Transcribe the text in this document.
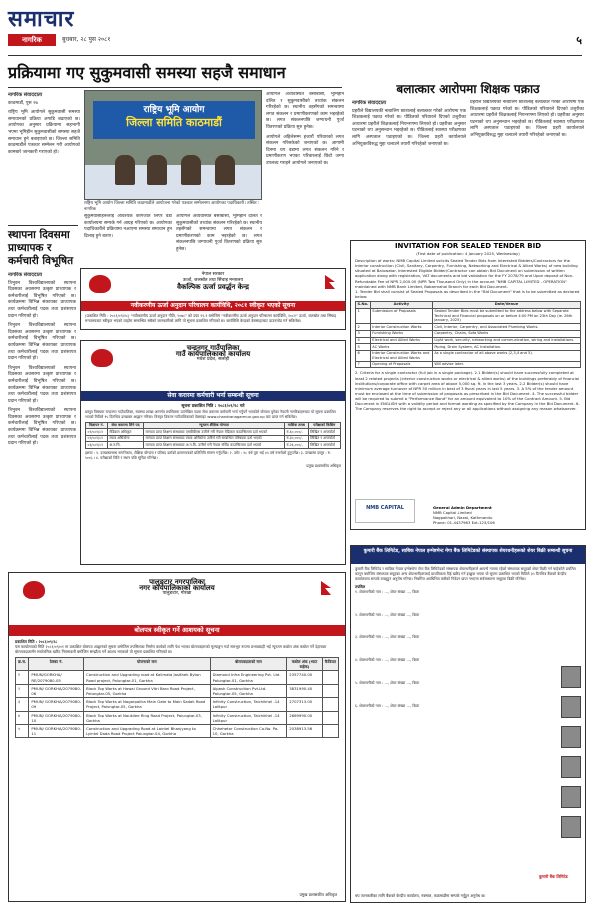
समाचार
नागरिक	बुधबार, २८ पुस २०८१	५
प्रक्रियामा गए सुकुमवासी समस्या सहजै समाधान
नागरिक संवाददाता

काठमाडौं, पुस २७

राष्ट्रिय भूमि आयोगले सुकुमवासी समस्या समाधानको प्रक्रिया अगाडि बढाएको छ। आयोगका अनुसार प्रक्रियामा सहभागी भएमा भूमिहीन सुकुमवासीको समस्या सहजै समाधान हुने बताइएको छ। जिल्ला समिति काठमाडौंले पत्रकार सम्मेलन गरी आयोगको कामबारे जानकारी गराएको हो।

राष्ट्रिय भूमि आयोग
जिल्ला समिति काठमाडौं
राष्ट्रिय भूमि आयोग जिल्ला समिति काठमाडौंले आयोजना गरेको पत्रकार सम्मेलनमा आयोगका पदाधिकारी। तस्बिर : नागरिक

आयोगले अव्यवस्थित बसोबासी, भूमिहीन दलित र सुकुमवासीको तथ्यांक संकलन गरिरहेको छ। स्थानीय तहसँगको समन्वयमा लगत संकलन र प्रमाणीकरणको काम भइरहेको छ। लगत संकलनपछि जग्गाधनी पुर्जा वितरणको प्रक्रिया सुरु हुनेछ।

आयोगले अहिलेसम्म हजारौं परिवारको लगत संकलन गरिसकेको जनाएको छ। आगामी दिनमा थप वडामा लगत संकलन गरिने र प्रमाणीकरण भएका परिवारलाई छिटो जग्गा उपलब्ध गराइने आयोगले जनाएको छ।

सुकुमवासीहरूलाई आवश्यक कागजात लिएर वडा कार्यालयमा सम्पर्क गर्न आग्रह गरिएको छ। आयोगका पदाधिकारीले प्रक्रियामा नआएमा समस्या समाधान हुन ढिलाइ हुने बताए।

आयोगले अव्यवस्थित बसोबासी, भूमिहीन दलित र सुकुमवासीको तथ्यांक संकलन गरिरहेको छ। स्थानीय तहसँगको समन्वयमा लगत संकलन र प्रमाणीकरणको काम भइरहेको छ। लगत संकलनपछि जग्गाधनी पुर्जा वितरणको प्रक्रिया सुरु हुनेछ।

स्थापना दिवसमा प्राध्यापक र कर्मचारी विभूषित
नागरिक संवाददाता

त्रिभुवन विश्वविद्यालयको स्थापना दिवसका अवसरमा उत्कृष्ट प्राध्यापक र कर्मचारीलाई विभूषित गरिएको छ। कार्यक्रममा विभिन्न संकायका प्राध्यापक तथा कर्मचारीलाई पदक तथा प्रशंसापत्र प्रदान गरिएको हो।

त्रिभुवन विश्वविद्यालयको स्थापना दिवसका अवसरमा उत्कृष्ट प्राध्यापक र कर्मचारीलाई विभूषित गरिएको छ। कार्यक्रममा विभिन्न संकायका प्राध्यापक तथा कर्मचारीलाई पदक तथा प्रशंसापत्र प्रदान गरिएको हो।

त्रिभुवन विश्वविद्यालयको स्थापना दिवसका अवसरमा उत्कृष्ट प्राध्यापक र कर्मचारीलाई विभूषित गरिएको छ। कार्यक्रममा विभिन्न संकायका प्राध्यापक तथा कर्मचारीलाई पदक तथा प्रशंसापत्र प्रदान गरिएको हो।

त्रिभुवन विश्वविद्यालयको स्थापना दिवसका अवसरमा उत्कृष्ट प्राध्यापक र कर्मचारीलाई विभूषित गरिएको छ। कार्यक्रममा विभिन्न संकायका प्राध्यापक तथा कर्मचारीलाई पदक तथा प्रशंसापत्र प्रदान गरिएको हो।

बलात्कार आरोपमा शिक्षक पक्राउ
नागरिक संवाददाता

प्रहरीले विद्यालयकी नाबालिग छात्रालाई बलात्कार गरेको आरोपमा एक शिक्षकलाई पक्राउ गरेको छ। पीडितको परिवारले दिएको उजुरीका आधारमा प्रहरीले शिक्षकलाई नियन्त्रणमा लिएको हो। प्रहरीका अनुसार घटनाको थप अनुसन्धान भइरहेको छ। पीडितलाई स्वास्थ्य परीक्षणका लागि अस्पताल पठाइएको छ। जिल्ला प्रहरी कार्यालयले अभियुक्तविरुद्ध मुद्दा चलाउने तयारी गरिरहेको जनाएको छ।

प्रहरीले विद्यालयकी नाबालिग छात्रालाई बलात्कार गरेको आरोपमा एक शिक्षकलाई पक्राउ गरेको छ। पीडितको परिवारले दिएको उजुरीका आधारमा प्रहरीले शिक्षकलाई नियन्त्रणमा लिएको हो। प्रहरीका अनुसार घटनाको थप अनुसन्धान भइरहेको छ। पीडितलाई स्वास्थ्य परीक्षणका लागि अस्पताल पठाइएको छ। जिल्ला प्रहरी कार्यालयले अभियुक्तविरुद्ध मुद्दा चलाउने तयारी गरिरहेको जनाएको छ।

INVITATION FOR SEALED TENDER BID
(First date of publication: 4 January 2025, Wednesday)
Description of works: NMB Capital Limited solicits Sealed Tender Bids from Interested Bidders/Contractors for the Interior construction (Civil, Sanitary, Carpentry, Furnishing, Networking and Electrical & Allied Works) of new building situated at Baluwatar. Interested Eligible Bidder/Contractor can obtain Bid Document on submission of written application along with registration, VAT documents and bid validation for the FY 2078/79 and Upon deposit of Non-Refundable Fee of NPR 2,000.00 (NPR Two Thousand Only) in the account "NMB CAPITAL LIMITED - OPERATION" maintained with NMB Bank Limited, Babarmahal Branch for each Bid Document.
1. Tender Bid shall consist of Sealed Proposals as described in the "Bid Document" that is to be submitted as declared below:
S.No.	Activity	Date/Venue
1	Submission of Proposals	Sealed Tender Bids must be submitted to the address below with Separate Technical and Financial proposals on or before 4:00 PM on 23th Day (ie. 26th January, 2025)
2	Interior Construction Works	Civil, Interior, Carpentry, and Associated Plumbing Works.
3	Furnishing Works	Carpentry, Chairs, Sofa Works
4	Electrical and Allied Works	Light work, security, networking and communication, wiring and installations.
5	AC Works	Piping, Drain System, AC Installation.
6	Interior Construction Works and Electrical and Allied Works	As a single contractor of all above works (2,3,4 and 5).
7	Opening of Proposals	Will advise later.
2. Criteria for a single contractor (full job in a single package). 2.1 Bidder(s) should have successfully completed at least 2 related projects (interior construction works or electrical & allied works) of the buildings preferably of financial institutions/corporate office with carpet area of above 5,000 sq. ft. in the last 3 years. 2.2 Bidder(s) should have minimum average turnover of NPR 30 million in best of 3 fiscal years in last 5 years. 3. A 5% of the tender amount must be enclosed at the time of submission of proposals as prescribed in the Bid Document. 4. The successful bidder will be required to submit a "Performance Bond" for an amount equivalent to 10% of the Contract Amount. 5. Bid Document in ENGLISH with a validity period and format wording as specified by the Company in the Bid Document. 6. The Company reserves the right to accept or reject any or all applications without assigning any reason whatsoever.
NMB CAPITAL	General Admin Department
NMB Capital Limited
Nagpokhari, Naxal, Kathmandu
Phone: 01-4437963 Ext-123/106
नेपाल सरकार
ऊर्जा, जलस्रोत तथा सिंचाइ मन्त्रालय
वैकल्पिक ऊर्जा प्रवर्द्धन केन्द्र
नवीकरणीय ऊर्जा अनुदान परिचालन कार्यविधि, २०८१ स्वीकृत भएको सूचना
(प्रकाशित मिति : २०८१/०९/२८) "नवीकरणीय ऊर्जा अनुदान नीति, २०७८" को दफा ११.१ बमोजिम "नवीकरणीय ऊर्जा अनुदान परिचालन कार्यविधि, २०८१" ऊर्जा, जलस्रोत तथा सिंचाइ मन्त्रालयबाट स्वीकृत भएको व्यहोरा सम्बन्धित सबैको जानकारीको लागि यो सूचना प्रकाशित गरिएको छ। कार्यविधि केन्द्रको वेबसाइटबाट डाउनलोड गर्न सकिनेछ।
चन्द्रनगर गाउँपालिका
गाउँ कार्यपालिकाको कार्यालय
मधेश प्रदेश, सर्लाही
सेवा करारमा कर्मचारी भर्ना सम्बन्धी सूचना
सूचना प्रकाशित मिति : २०८१/०९/२८ गते
प्रस्तुत विषयमा चन्द्रनगर गाउँपालिका, स्वास्थ्य शाखा अन्तर्गत तपसिलमा उल्लेखित पदमा सेवा करारमा कर्मचारी भर्ना गर्नुपर्ने भएकोले योग्यता पुगेका नेपाली नागरिकहरूबाट यो सूचना प्रकाशित भएको मितिले १५ दिनभित्र दरखास्त आह्वान गरिन्छ। विस्तृत विवरण गाउँपालिकाको वेबसाइट www.chandranagarmun.gov.np बाट प्राप्त गर्न सकिनेछ।
विज्ञापन नं.	सेवा करारमा लिने पद	न्यूनतम शैक्षिक योग्यता	मासिक तलब	परीक्षाको किसिम
०१/०८१/८२	मेडिकल अधिकृत	मान्यता प्राप्त शिक्षण संस्थाबाट एमबीबीएस उत्तीर्ण गरी नेपाल मेडिकल काउन्सिलमा दर्ता भएको	रु.६०,०००/-	लिखित र अन्तर्वार्ता
०२/०८१/८२	ल्याब असिस्टेन्ट	मान्यता प्राप्त शिक्षण संस्थाबाट ल्याब असिस्टेन्ट उत्तीर्ण गरी सम्बन्धित परिषदमा दर्ता भएको	रु.३०,०००/-	लिखित र अन्तर्वार्ता
०३/०८१/८२	अ.न.मि.	मान्यता प्राप्त शिक्षण संस्थाबाट अ.न.मि. उत्तीर्ण गरी नेपाल नर्सिङ काउन्सिलमा दर्ता भएको	रु.२६,०००/-	लिखित र अन्तर्वार्ता
द्रष्टव्य : १. दरखास्तसाथ नागरिकता, शैक्षिक योग्यता र परिषद दर्ताको प्रमाणपत्रको प्रतिलिपि संलग्न गर्नुपर्नेछ। २. उमेर : १८ वर्ष पूरा भई ४५ वर्ष ननाघेको हुनुपर्नेछ। ३. दरखास्त दस्तुर : रु. ५००/-। ४. परीक्षाको मिति र स्थान पछि सूचित गरिनेछ।
प्रमुख प्रशासकीय अधिकृत
पालुङटार नगरपालिका
नगर कार्यपालिकाको कार्यालय
पालुङटार, गोरखा
बोलपत्र स्वीकृत गर्ने आशयको सूचना
प्रकाशित मिति : २०८१/०९/२८
यस कार्यालयको मिति २०८१/०९/०१ मा प्रकाशित बोलपत्र आह्वानको सूचना बमोजिम तपसिलका निर्माण कार्यको लागि पेश भएका बोलपत्रहरूको मूल्याङ्कन गर्दा सारभूत रूपमा प्रभावग्राही भई न्यूनतम कबोल अंक कबोल गर्ने देहायका बोलपत्रदातासँग सार्वजनिक खरिद नियमावली बमोजिम सम्झौता गर्ने आशय भएकाले यो सूचना प्रकाशित गरिएको छ।
क्र.स.	ठेक्का नं.	योजनाको नाम	बोलपत्रदाताको नाम	कबोल अंक (भ्याट बाहेक)	कैफियत
१	PMUN/GORKHA/ RE/2079080-05	Construction and Upgrading road at Kalimata Jasithek Byton Road project, Palungtar-01, Gorkha	Diamond Infra Engineering Pvt. Ltd. Palungtar-01, Gorkha	2357740.00	
२	PMUN/ GORKHA/2079080-06	Black Top Works at Hawai Ground Vitri Baro Road Project, Palungtar-05, Gorkha	Alpash Construction Pvt.Ltd. Palungtar-05, Gorkha	3831990.40	
३	PMUN/ GORKHA/2079080-09	Black Top Works at Nagarpalika Main Gate to Main Sadak Road Project, Palungtar-05, Gorkha	Infinity Construction, Talchikhel -14 Lalitpur	2707313.00	
४	PMUN/ GORKHA/2079080-10	Black Top Works at Naukilee Ring Road Project, Palungtar-03, Gorkha	Infinity Construction, Talchikhel -14 Lalitpur	2669990.00	
५	PMUN/ GORKHA/2079080-11	Construction and Upgrading Road at Laintel Bhanjyang to Lyintel Dada Road Project Palungtar-04, Gorkha	Chhehetor Construction Co.No. Pa-10, Gorkha	2038913.56	
प्रमुख प्रशासकीय अधिकृत
कुमारी बैंक लिमिटेड, साबिक नेपाल इन्भेष्टमेन्ट मेगा बैंक लिमिटेडको संस्थापक शेयरधनीहरूको शेयर बिक्री सम्बन्धी सूचना
कुमारी बैंक लिमिटेड र साबिक नेपाल इन्भेष्टमेन्ट मेगा बैंक लिमिटेडको संस्थापक शेयरधनीहरूले आफ्नो नाममा रहेको संस्थापक समूहको शेयर बिक्री गर्न चाहेकोले प्रचलित कानून बमोजिम संस्थापक समूहका अन्य शेयरधनीहरूलाई प्राथमिकता दिई खरिद गर्न इच्छुक भएमा यो सूचना प्रकाशित भएको मितिले ३५ दिनभित्र बैंकको केन्द्रीय कार्यालयमा सम्पर्क राख्नुहुन अनुरोध गरिन्छ। निर्धारित अवधिभित्र कसैको निवेदन प्राप्त नभएमा सर्वसाधारण समूहमा बिक्री गरिनेछ।
तपसिल
१. शेयरधनीको नाम : ..., शेयर संख्या ..., किता
२. शेयरधनीको नाम : ..., शेयर संख्या ..., किता
३. शेयरधनीको नाम : ..., शेयर संख्या ..., किता
४. शेयरधनीको नाम : ..., शेयर संख्या ..., किता
५. शेयरधनीको नाम : ..., शेयर संख्या ..., किता
६. शेयरधनीको नाम : ..., शेयर संख्या ..., किता
कुमारी बैंक लिमिटेड
थप जानकारीका लागि बैंकको केन्द्रीय कार्यालय, नक्साल, काठमाडौंमा सम्पर्क गर्नुहुन अनुरोध छ।
